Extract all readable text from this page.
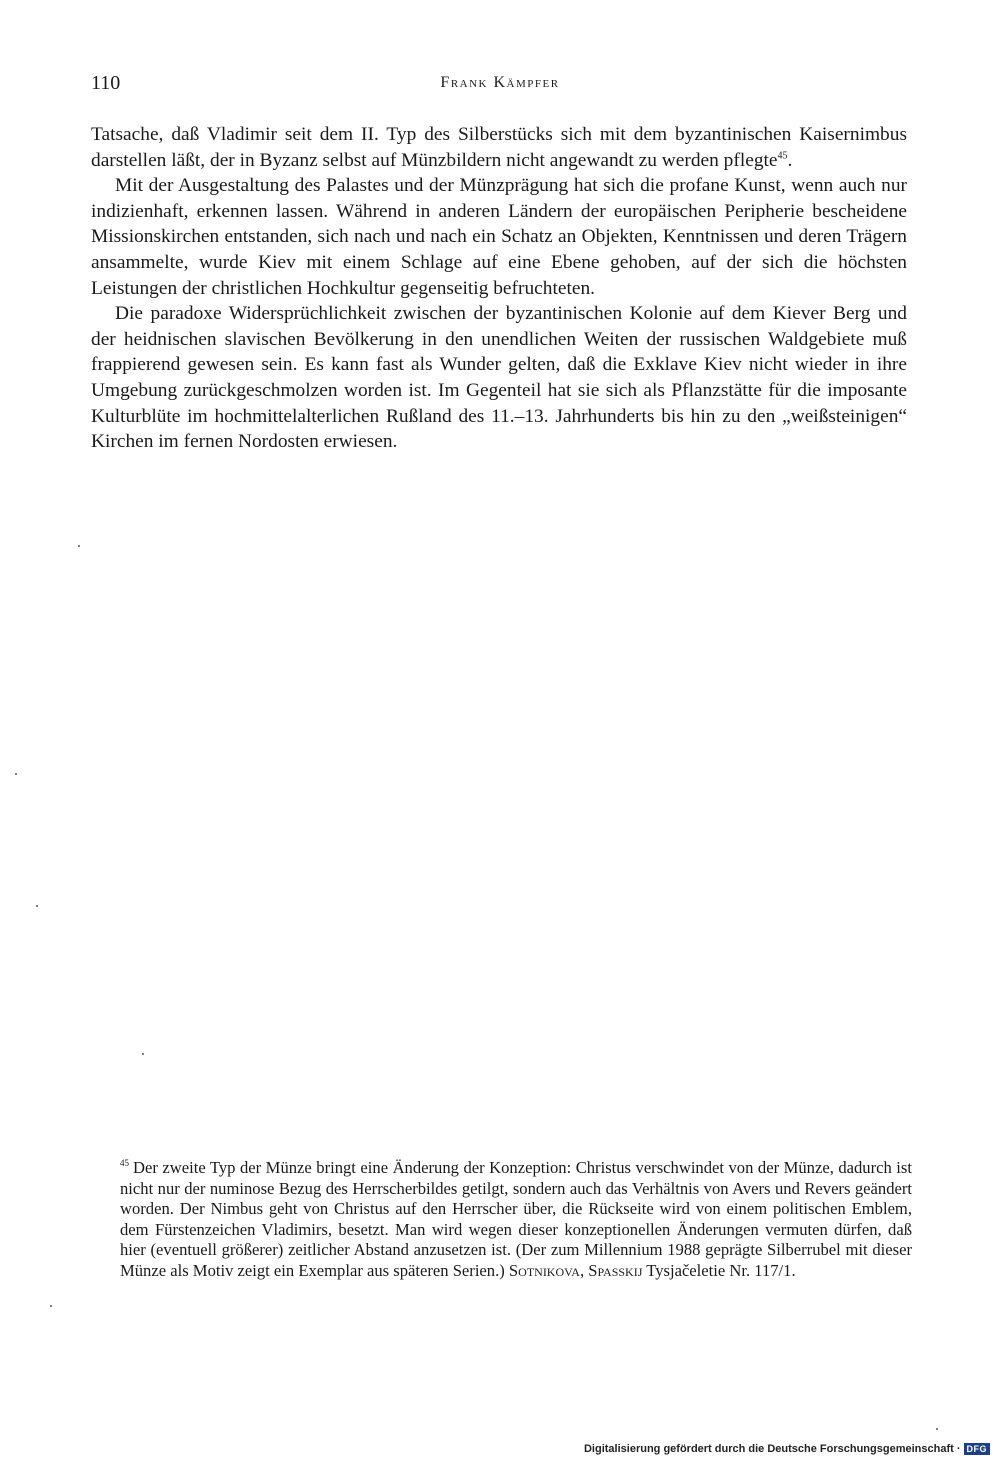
110	Frank Kämpfer

Tatsache, daß Vladimir seit dem II. Typ des Silberstücks sich mit dem byzantinischen Kaisernimbus darstellen läßt, der in Byzanz selbst auf Münzbildern nicht angewandt zu werden pflegte$^{45}$.

Mit der Ausgestaltung des Palastes und der Münzprägung hat sich die profane Kunst, wenn auch nur indizienhaft, erkennen lassen. Während in anderen Ländern der europäischen Peripherie bescheidene Missionskirchen entstanden, sich nach und nach ein Schatz an Objekten, Kenntnissen und deren Trägern ansammelte, wurde Kiev mit einem Schlage auf eine Ebene gehoben, auf der sich die höchsten Leistungen der christlichen Hochkultur gegenseitig befruchteten.

Die paradoxe Widersprüchlichkeit zwischen der byzantinischen Kolonie auf dem Kiever Berg und der heidnischen slavischen Bevölkerung in den unendlichen Weiten der russischen Waldgebiete muß frappierend gewesen sein. Es kann fast als Wunder gelten, daß die Exklave Kiev nicht wieder in ihre Umgebung zurückgeschmolzen worden ist. Im Gegenteil hat sie sich als Pflanzstätte für die imposante Kulturblüte im hochmittelalterlichen Rußland des 11.–13. Jahrhunderts bis hin zu den „weißsteinigen“ Kirchen im fernen Nordosten erwiesen.

$^{45}$ Der zweite Typ der Münze bringt eine Änderung der Konzeption: Christus verschwindet von der Münze, dadurch ist nicht nur der numinose Bezug des Herrscherbildes getilgt, sondern auch das Verhältnis von Avers und Revers geändert worden. Der Nimbus geht von Christus auf den Herrscher über, die Rückseite wird von einem politischen Emblem, dem Fürstenzeichen Vladimirs, besetzt. Man wird wegen dieser konzeptionellen Änderungen vermuten dürfen, daß hier (eventuell größerer) zeitlicher Abstand anzusetzen ist. (Der zum Millennium 1988 geprägte Silberrubel mit dieser Münze als Motiv zeigt ein Exemplar aus späteren Serien.) Sotnikova, Spasskij Tysjačeletie Nr. 117/1.
Digitalisierung gefördert durch die Deutsche Forschungsgemeinschaft · DFG
